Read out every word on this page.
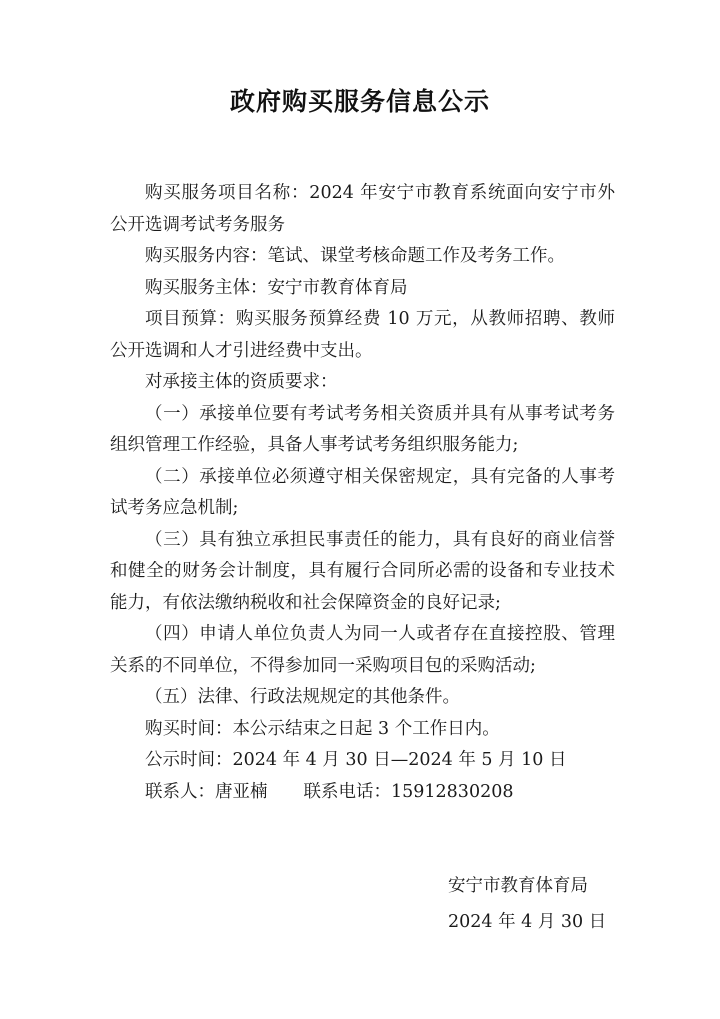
政府购买服务信息公示

购买服务项目名称：2024 年安宁市教育系统面向安宁市外公开选调考试考务服务

购买服务内容：笔试、课堂考核命题工作及考务工作。

购买服务主体：安宁市教育体育局

项目预算：购买服务预算经费 10 万元，从教师招聘、教师公开选调和人才引进经费中支出。

对承接主体的资质要求：

（一）承接单位要有考试考务相关资质并具有从事考试考务组织管理工作经验，具备人事考试考务组织服务能力;

（二）承接单位必须遵守相关保密规定，具有完备的人事考试考务应急机制;

（三）具有独立承担民事责任的能力，具有良好的商业信誉和健全的财务会计制度，具有履行合同所必需的设备和专业技术能力，有依法缴纳税收和社会保障资金的良好记录;

（四）申请人单位负责人为同一人或者存在直接控股、管理关系的不同单位，不得参加同一采购项目包的采购活动;

（五）法律、行政法规规定的其他条件。

购买时间：本公示结束之日起 3 个工作日内。

公示时间：2024 年 4 月 30 日—2024 年 5 月 10 日

联系人：唐亚楠 联系电话：15912830208

安宁市教育体育局
2024 年 4 月 30 日
